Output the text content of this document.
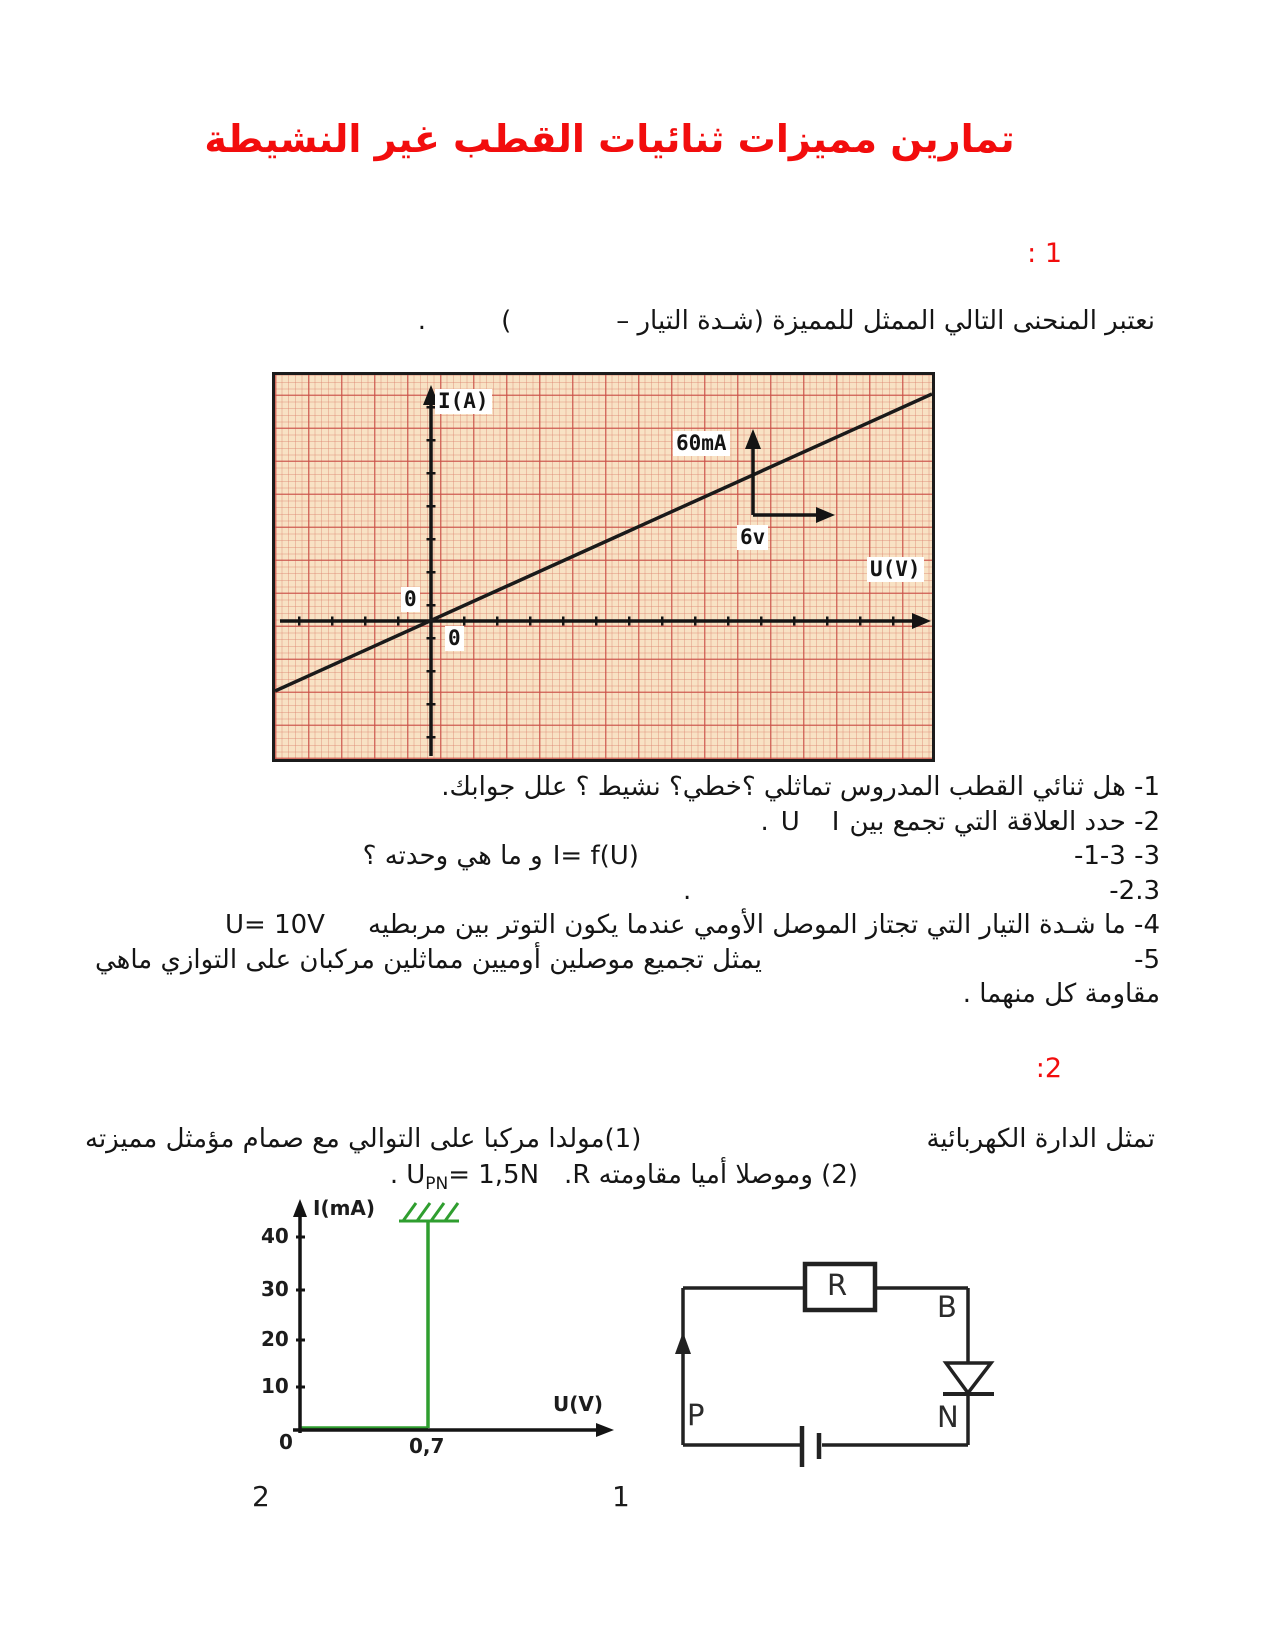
تمارين مميزات ثنائيات القطب غير النشيطة
: 1
نعتبر المنحنى التالي الممثل للمميزة (شـدة التيار –
(
.
I(A)
U(V)
0
0
60mA
6v
1- هل ثنائي القطب المدروس تماثلي ؟خطي؟ نشيط ؟ علل جوابك.
2- حدد العلاقة التي تجمع بين
I
U
.
-1-3 -3
I= f(U)
و ما هي وحدته ؟
-2.3
.
4- ما شـدة التيار التي تجتاز الموصل الأومي عندما يكون التوتر بين مربطيه
U= 10V
5-
يمثل تجميع موصلين أوميين مماثلين مركبان على التوازي ماهي
مقاومة كل منهما .
:2
تمثل الدارة الكهربائية
(1)مولدا مركبا على التوالي مع صمام مؤمثل مميزته
(2) وموصلا أميا مقاومته R.
$U_{PN}= 1,5N$
.
I(mA)
40
30
20
10
0
U(V)
0,7
R
B
N
P
2	1
